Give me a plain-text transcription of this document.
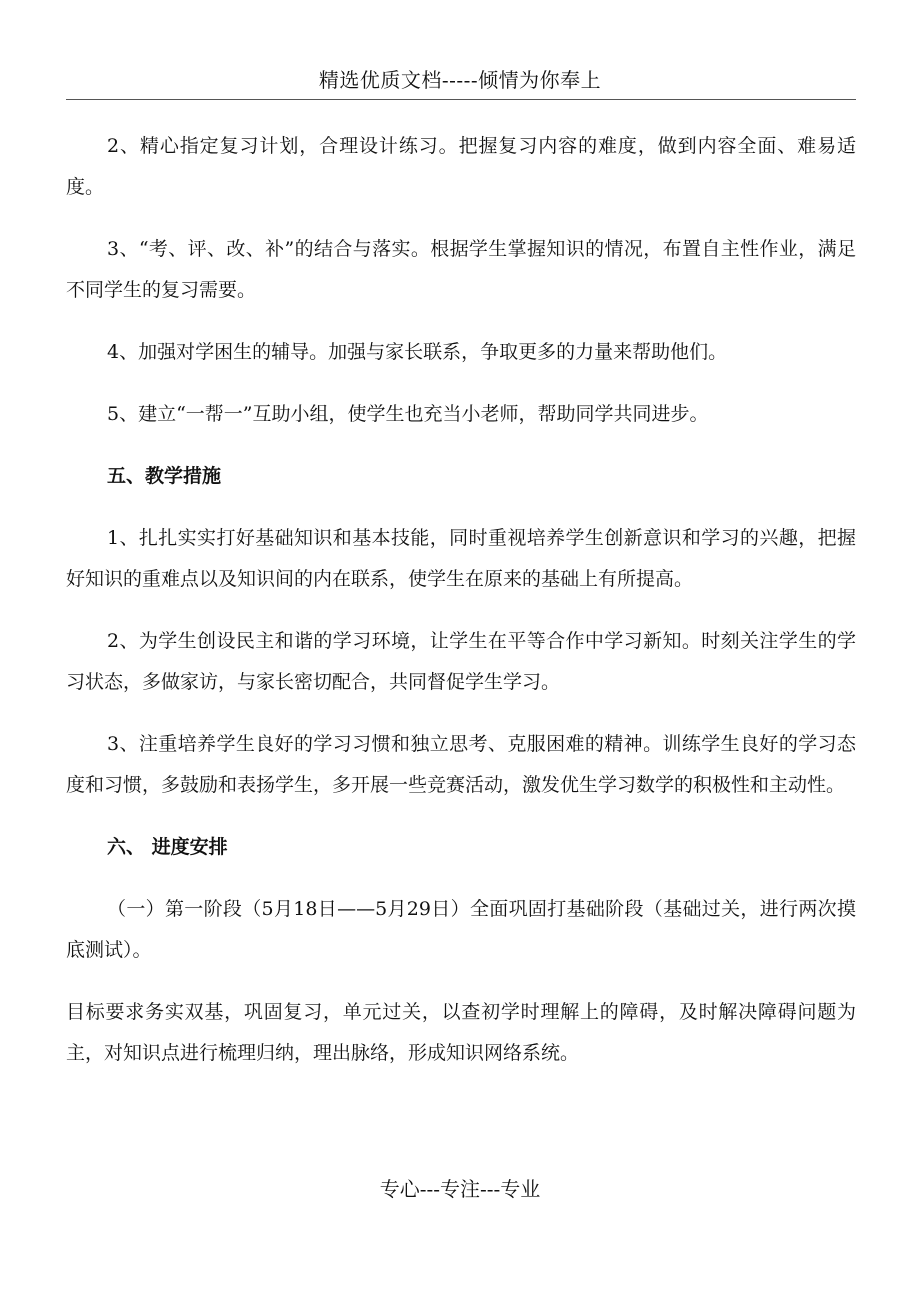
精选优质文档-----倾情为你奉上

2、精心指定复习计划，合理设计练习。把握复习内容的难度，做到内容全面、难易适度。

3、“考、评、改、补”的结合与落实。根据学生掌握知识的情况，布置自主性作业，满足不同学生的复习需要。

4、加强对学困生的辅导。加强与家长联系，争取更多的力量来帮助他们。

5、建立“一帮一”互助小组，使学生也充当小老师，帮助同学共同进步。

五、教学措施

1、扎扎实实打好基础知识和基本技能，同时重视培养学生创新意识和学习的兴趣，把握好知识的重难点以及知识间的内在联系，使学生在原来的基础上有所提高。

2、为学生创设民主和谐的学习环境，让学生在平等合作中学习新知。时刻关注学生的学习状态，多做家访，与家长密切配合，共同督促学生学习。

3、注重培养学生良好的学习习惯和独立思考、克服困难的精神。训练学生良好的学习态度和习惯，多鼓励和表扬学生，多开展一些竞赛活动，激发优生学习数学的积极性和主动性。

六、 进度安排

（一）第一阶段（5月18日——5月29日）全面巩固打基础阶段（基础过关，进行两次摸底测试）。

目标要求务实双基，巩固复习，单元过关，以查初学时理解上的障碍，及时解决障碍问题为主，对知识点进行梳理归纳，理出脉络，形成知识网络系统。

专心---专注---专业
